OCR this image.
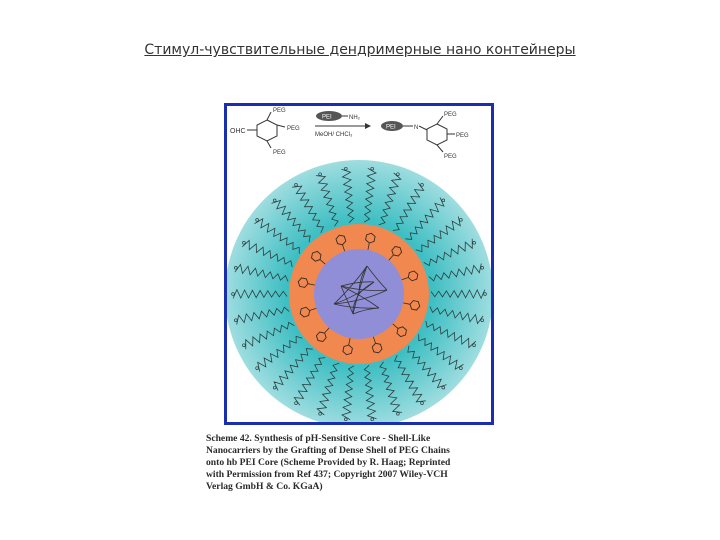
Стимул-чувствительные дендримерные нано контейнеры
OHC
PEG
PEG
PEG
PEI	NH₂
MeOH/ CHCl₃
PEI	N
PEG
PEG
PEG
Scheme 42. Synthesis of pH-Sensitive Core - Shell-Like
Nanocarriers by the Grafting of Dense Shell of PEG Chains
onto hb PEI Core (Scheme Provided by R. Haag; Reprinted
with Permission from Ref 437; Copyright 2007 Wiley-VCH
Verlag GmbH & Co. KGaA)
